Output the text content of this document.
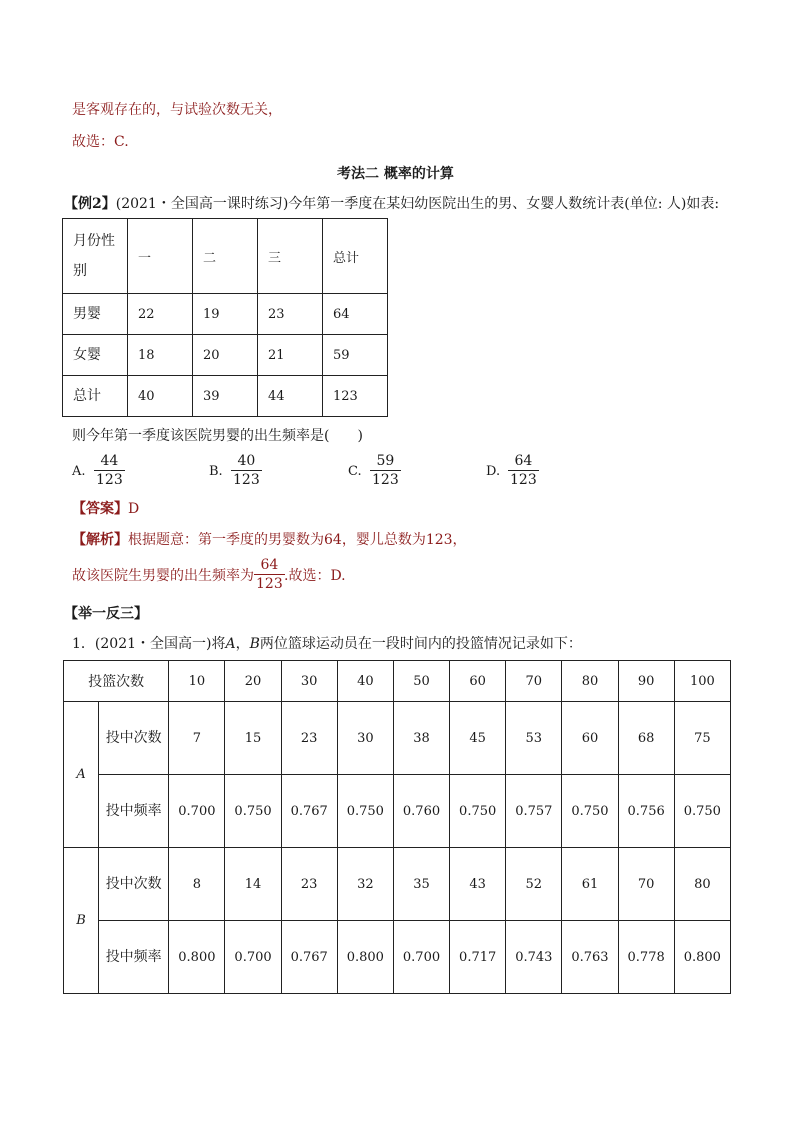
是客观存在的，与试验次数无关，
故选：C.
考法二 概率的计算
【例2】(2021・全国高一课时练习)今年第一季度在某妇幼医院出生的男、女婴人数统计表(单位: 人)如表:
月份性别	一	二	三	总计
男婴	22	19	23	64
女婴	18	20	21	59
总计	40	39	44	123
则今年第一季度该医院男婴的出生频率是(　　)
A. $\frac{44}{123}$	B. $\frac{40}{123}$	C. $\frac{59}{123}$	D. $\frac{64}{123}$
【答案】D
【解析】根据题意：第一季度的男婴数为64，婴儿总数为123，
故该医院生男婴的出生频率为 $\frac{64}{123}$ .故选：D.
【举一反三】
1．(2021・全国高一)将A，B两位篮球运动员在一段时间内的投篮情况记录如下：
投篮次数		10	20	30	40	50	60	70	80	90	100
A	投中次数	7	15	23	30	38	45	53	60	68	75
	投中频率	0.700	0.750	0.767	0.750	0.760	0.750	0.757	0.750	0.756	0.750
B	投中次数	8	14	23	32	35	43	52	61	70	80
	投中频率	0.800	0.700	0.767	0.800	0.700	0.717	0.743	0.763	0.778	0.800
